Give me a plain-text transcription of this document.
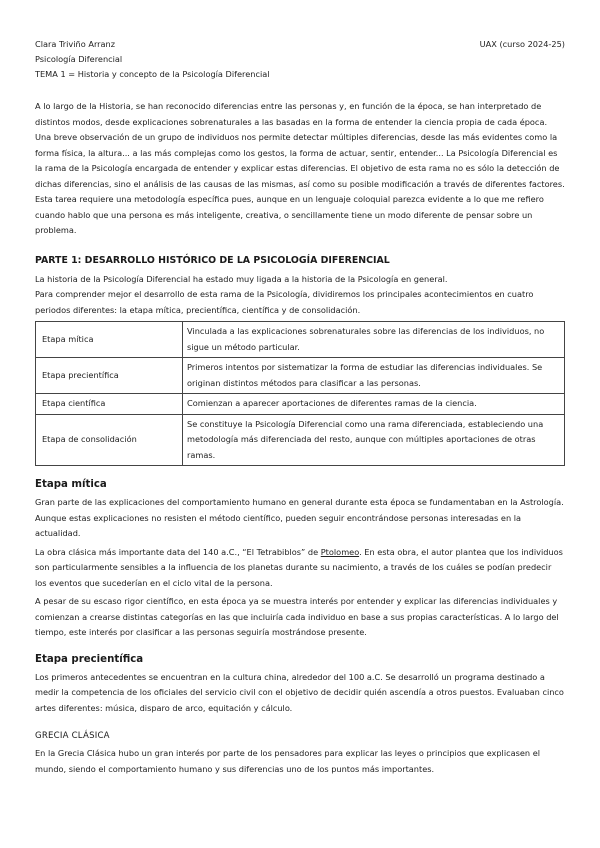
Clara Triviño Arranz	UAX (curso 2024-25)
Psicología Diferencial
TEMA 1 = Historia y concepto de la Psicología Diferencial

A lo largo de la Historia, se han reconocido diferencias entre las personas y, en función de la época, se han interpretado de distintos modos, desde explicaciones sobrenaturales a las basadas en la forma de entender la ciencia propia de cada época. Una breve observación de un grupo de individuos nos permite detectar múltiples diferencias, desde las más evidentes como la forma física, la altura... a las más complejas como los gestos, la forma de actuar, sentir, entender... La Psicología Diferencial es la rama de la Psicología encargada de entender y explicar estas diferencias. El objetivo de esta rama no es sólo la detección de dichas diferencias, sino el análisis de las causas de las mismas, así como su posible modificación a través de diferentes factores. Esta tarea requiere una metodología específica pues, aunque en un lenguaje coloquial parezca evidente a lo que me refiero cuando hablo que una persona es más inteligente, creativa, o sencillamente tiene un modo diferente de pensar sobre un problema.

PARTE 1: DESARROLLO HISTÓRICO DE LA PSICOLOGÍA DIFERENCIAL

La historia de la Psicología Diferencial ha estado muy ligada a la historia de la Psicología en general.

Para comprender mejor el desarrollo de esta rama de la Psicología, dividiremos los principales acontecimientos en cuatro periodos diferentes: la etapa mítica, precientífica, científica y de consolidación.

Etapa mítica	Vinculada a las explicaciones sobrenaturales sobre las diferencias de los individuos, no sigue un método particular.
Etapa precientífica	Primeros intentos por sistematizar la forma de estudiar las diferencias individuales. Se originan distintos métodos para clasificar a las personas.
Etapa científica	Comienzan a aparecer aportaciones de diferentes ramas de la ciencia.
Etapa de consolidación	Se constituye la Psicología Diferencial como una rama diferenciada, estableciendo una metodología más diferenciada del resto, aunque con múltiples aportaciones de otras ramas.
Etapa mítica

Gran parte de las explicaciones del comportamiento humano en general durante esta época se fundamentaban en la Astrología. Aunque estas explicaciones no resisten el método científico, pueden seguir encontrándose personas interesadas en la actualidad.

La obra clásica más importante data del 140 a.C., “El Tetrabiblos” de Ptolomeo. En esta obra, el autor plantea que los individuos son particularmente sensibles a la influencia de los planetas durante su nacimiento, a través de los cuáles se podían predecir los eventos que sucederían en el ciclo vital de la persona.

A pesar de su escaso rigor científico, en esta época ya se muestra interés por entender y explicar las diferencias individuales y comienzan a crearse distintas categorías en las que incluiría cada individuo en base a sus propias características. A lo largo del tiempo, este interés por clasificar a las personas seguiría mostrándose presente.

Etapa precientífica

Los primeros antecedentes se encuentran en la cultura china, alrededor del 100 a.C. Se desarrolló un programa destinado a medir la competencia de los oficiales del servicio civil con el objetivo de decidir quién ascendía a otros puestos. Evaluaban cinco artes diferentes: música, disparo de arco, equitación y cálculo.

GRECIA CLÁSICA

En la Grecia Clásica hubo un gran interés por parte de los pensadores para explicar las leyes o principios que explicasen el mundo, siendo el comportamiento humano y sus diferencias uno de los puntos más importantes.
